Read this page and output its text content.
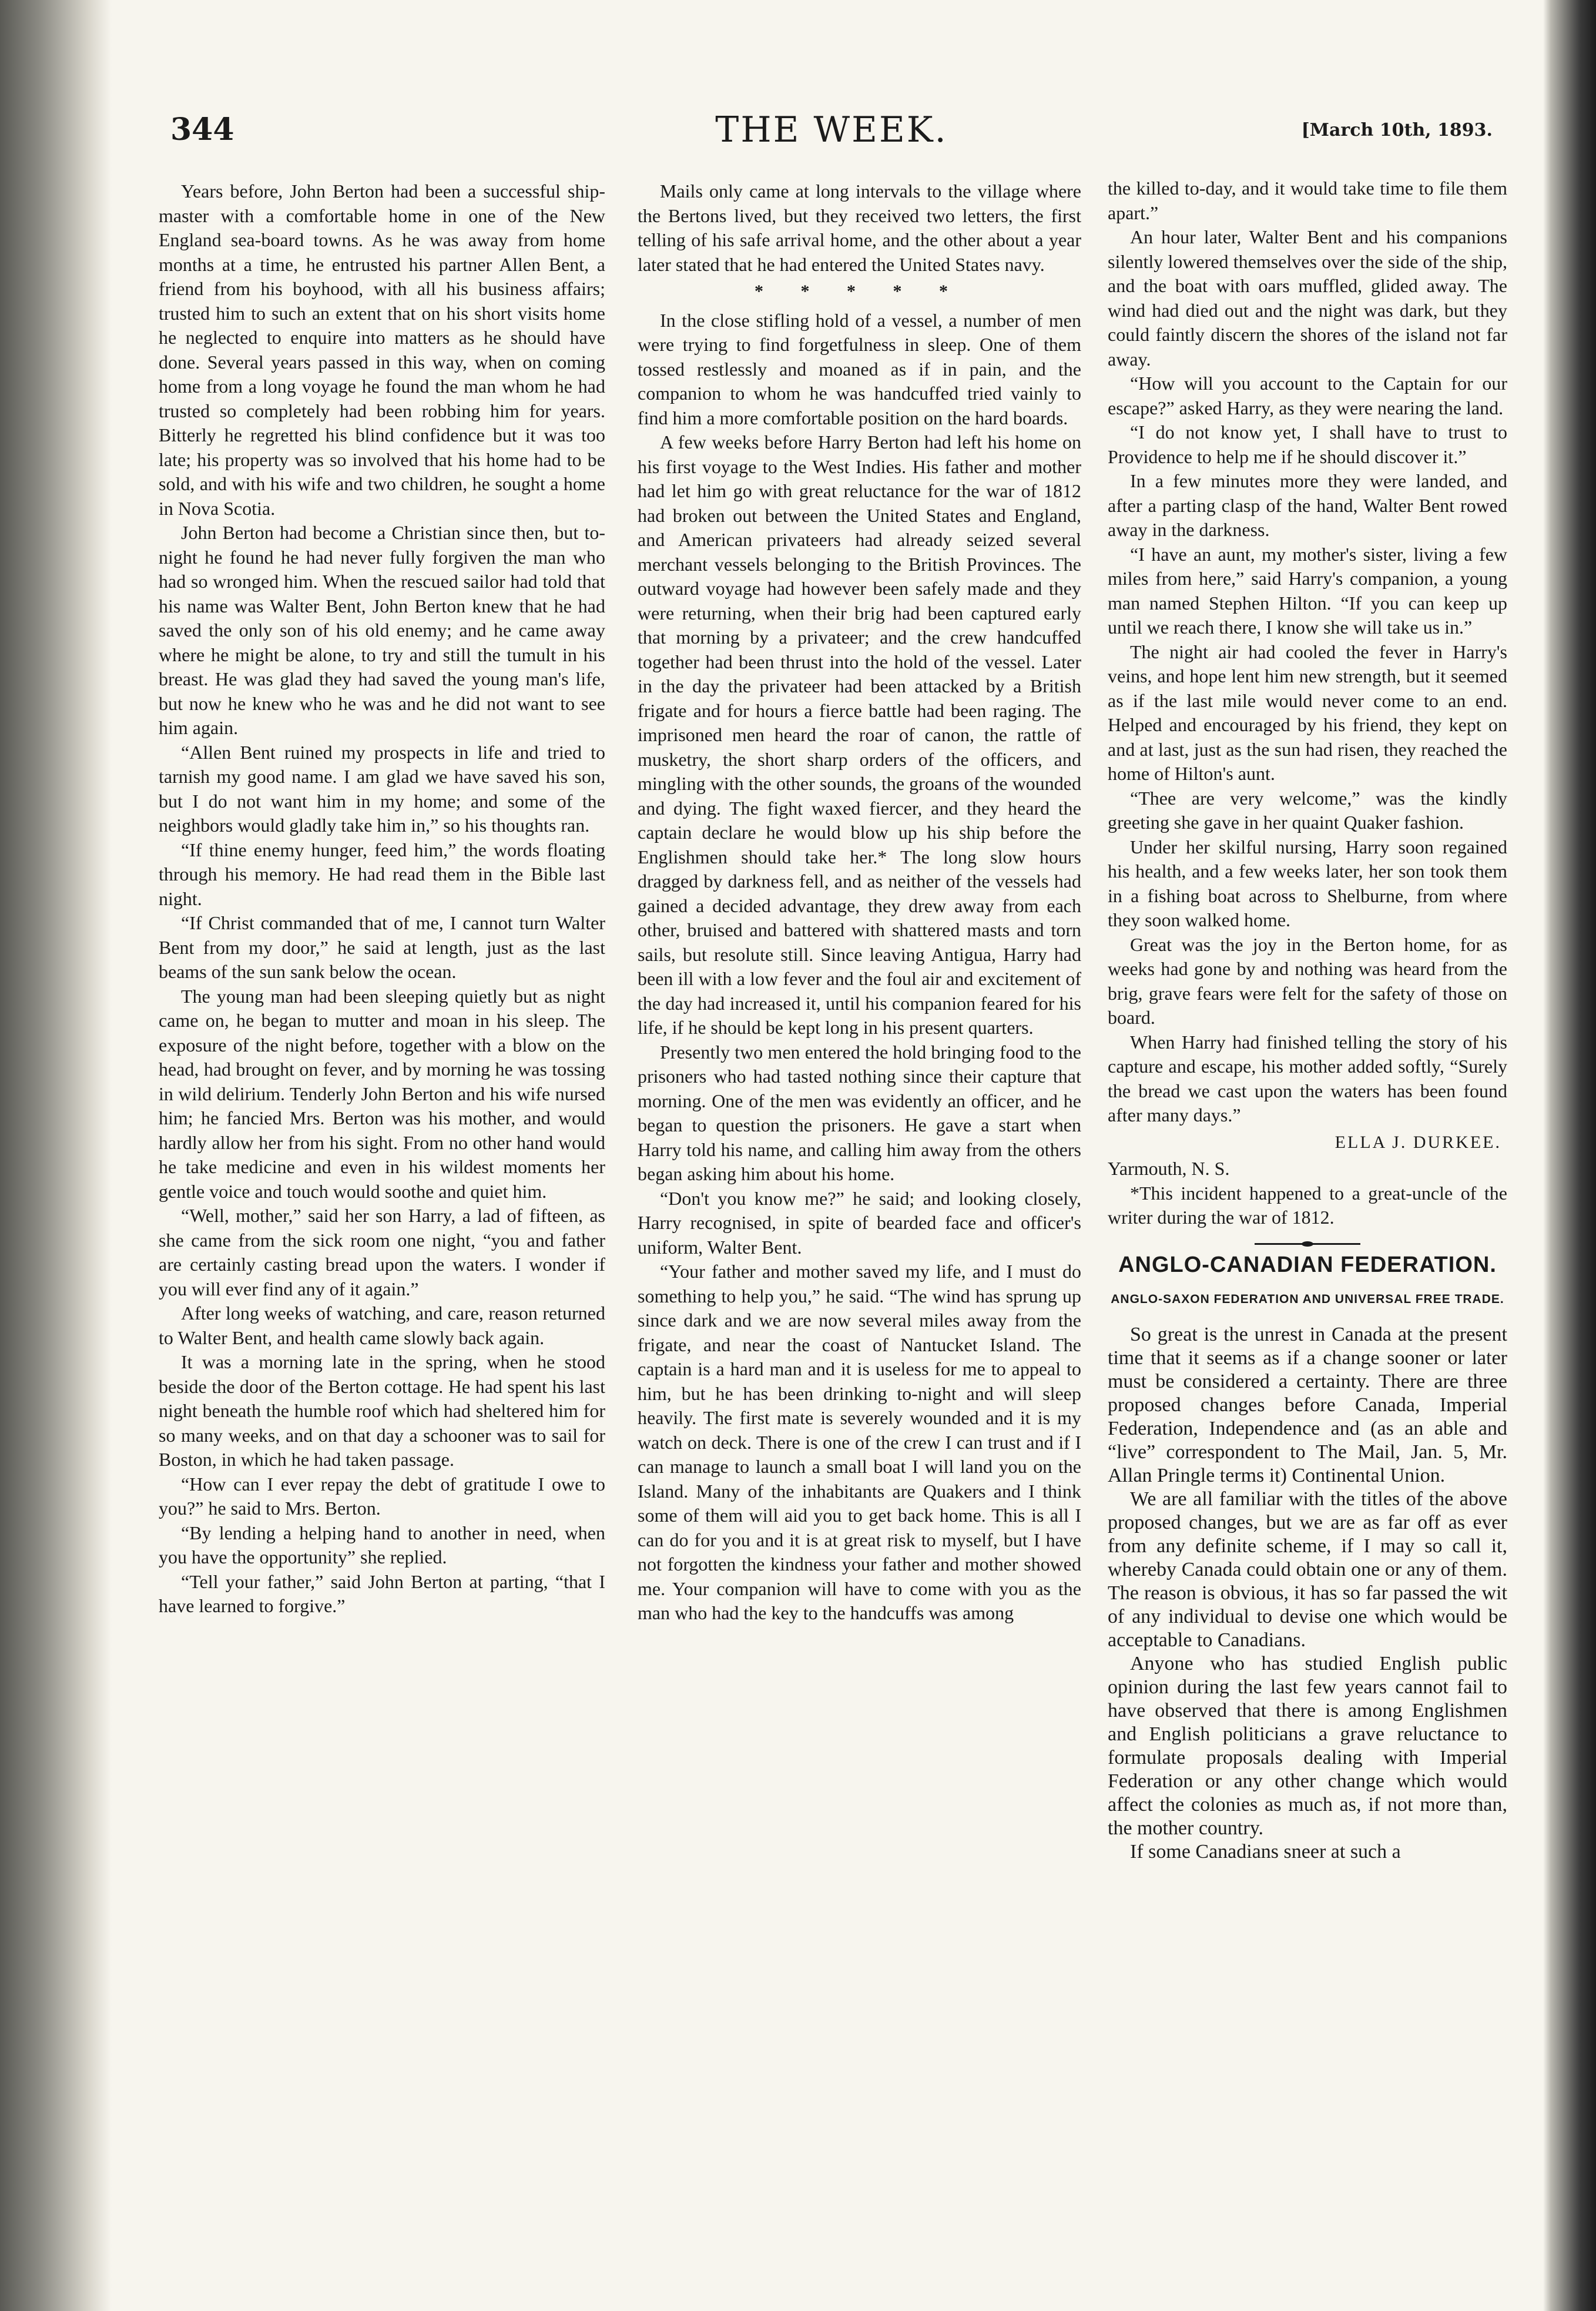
344	THE WEEK.	[March 10th, 1893.

Years before, John Berton had been a successful ship-master with a comfortable home in one of the New England sea-board towns. As he was away from home months at a time, he entrusted his partner Allen Bent, a friend from his boyhood, with all his business affairs; trusted him to such an extent that on his short visits home he neglected to enquire into matters as he should have done. Several years passed in this way, when on coming home from a long voyage he found the man whom he had trusted so completely had been robbing him for years. Bitterly he regretted his blind confidence but it was too late; his property was so involved that his home had to be sold, and with his wife and two children, he sought a home in Nova Scotia.

John Berton had become a Christian since then, but to-night he found he had never fully forgiven the man who had so wronged him. When the rescued sailor had told that his name was Walter Bent, John Berton knew that he had saved the only son of his old enemy; and he came away where he might be alone, to try and still the tumult in his breast. He was glad they had saved the young man's life, but now he knew who he was and he did not want to see him again.

“Allen Bent ruined my prospects in life and tried to tarnish my good name. I am glad we have saved his son, but I do not want him in my home; and some of the neighbors would gladly take him in,” so his thoughts ran.

“If thine enemy hunger, feed him,” the words floating through his memory. He had read them in the Bible last night.

“If Christ commanded that of me, I cannot turn Walter Bent from my door,” he said at length, just as the last beams of the sun sank below the ocean.

The young man had been sleeping quietly but as night came on, he began to mutter and moan in his sleep. The exposure of the night before, together with a blow on the head, had brought on fever, and by morning he was tossing in wild delirium. Tenderly John Berton and his wife nursed him; he fancied Mrs. Berton was his mother, and would hardly allow her from his sight. From no other hand would he take medicine and even in his wildest moments her gentle voice and touch would soothe and quiet him.

“Well, mother,” said her son Harry, a lad of fifteen, as she came from the sick room one night, “you and father are certainly casting bread upon the waters. I wonder if you will ever find any of it again.”

After long weeks of watching, and care, reason returned to Walter Bent, and health came slowly back again.

It was a morning late in the spring, when he stood beside the door of the Berton cottage. He had spent his last night beneath the humble roof which had sheltered him for so many weeks, and on that day a schooner was to sail for Boston, in which he had taken passage.

“How can I ever repay the debt of gratitude I owe to you?” he said to Mrs. Berton.

“By lending a helping hand to another in need, when you have the opportunity” she replied.

“Tell your father,” said John Berton at parting, “that I have learned to forgive.”

Mails only came at long intervals to the village where the Bertons lived, but they received two letters, the first telling of his safe arrival home, and the other about a year later stated that he had entered the United States navy.

* * * * *

In the close stifling hold of a vessel, a number of men were trying to find forgetfulness in sleep. One of them tossed restlessly and moaned as if in pain, and the companion to whom he was handcuffed tried vainly to find him a more comfortable position on the hard boards.

A few weeks before Harry Berton had left his home on his first voyage to the West Indies. His father and mother had let him go with great reluctance for the war of 1812 had broken out between the United States and England, and American privateers had already seized several merchant vessels belonging to the British Provinces. The outward voyage had however been safely made and they were returning, when their brig had been captured early that morning by a privateer; and the crew handcuffed together had been thrust into the hold of the vessel. Later in the day the privateer had been attacked by a British frigate and for hours a fierce battle had been raging. The imprisoned men heard the roar of canon, the rattle of musketry, the short sharp orders of the officers, and mingling with the other sounds, the groans of the wounded and dying. The fight waxed fiercer, and they heard the captain declare he would blow up his ship before the Englishmen should take her.* The long slow hours dragged by darkness fell, and as neither of the vessels had gained a decided advantage, they drew away from each other, bruised and battered with shattered masts and torn sails, but resolute still. Since leaving Antigua, Harry had been ill with a low fever and the foul air and excitement of the day had increased it, until his companion feared for his life, if he should be kept long in his present quarters.

Presently two men entered the hold bringing food to the prisoners who had tasted nothing since their capture that morning. One of the men was evidently an officer, and he began to question the prisoners. He gave a start when Harry told his name, and calling him away from the others began asking him about his home.

“Don't you know me?” he said; and looking closely, Harry recognised, in spite of bearded face and officer's uniform, Walter Bent.

“Your father and mother saved my life, and I must do something to help you,” he said. “The wind has sprung up since dark and we are now several miles away from the frigate, and near the coast of Nantucket Island. The captain is a hard man and it is useless for me to appeal to him, but he has been drinking to-night and will sleep heavily. The first mate is severely wounded and it is my watch on deck. There is one of the crew I can trust and if I can manage to launch a small boat I will land you on the Island. Many of the inhabitants are Quakers and I think some of them will aid you to get back home. This is all I can do for you and it is at great risk to myself, but I have not forgotten the kindness your father and mother showed me. Your companion will have to come with you as the man who had the key to the handcuffs was among

the killed to-day, and it would take time to file them apart.”

An hour later, Walter Bent and his companions silently lowered themselves over the side of the ship, and the boat with oars muffled, glided away. The wind had died out and the night was dark, but they could faintly discern the shores of the island not far away.

“How will you account to the Captain for our escape?” asked Harry, as they were nearing the land.

“I do not know yet, I shall have to trust to Providence to help me if he should discover it.”

In a few minutes more they were landed, and after a parting clasp of the hand, Walter Bent rowed away in the darkness.

“I have an aunt, my mother's sister, living a few miles from here,” said Harry's companion, a young man named Stephen Hilton. “If you can keep up until we reach there, I know she will take us in.”

The night air had cooled the fever in Harry's veins, and hope lent him new strength, but it seemed as if the last mile would never come to an end. Helped and encouraged by his friend, they kept on and at last, just as the sun had risen, they reached the home of Hilton's aunt.

“Thee are very welcome,” was the kindly greeting she gave in her quaint Quaker fashion.

Under her skilful nursing, Harry soon regained his health, and a few weeks later, her son took them in a fishing boat across to Shelburne, from where they soon walked home.

Great was the joy in the Berton home, for as weeks had gone by and nothing was heard from the brig, grave fears were felt for the safety of those on board.

When Harry had finished telling the story of his capture and escape, his mother added softly, “Surely the bread we cast upon the waters has been found after many days.”

ELLA J. DURKEE.

Yarmouth, N. S.

*This incident happened to a great-uncle of the writer during the war of 1812.

ANGLO-CANADIAN FEDERATION.
ANGLO-SAXON FEDERATION AND UNIVERSAL FREE TRADE.

So great is the unrest in Canada at the present time that it seems as if a change sooner or later must be considered a certainty. There are three proposed changes before Canada, Imperial Federation, Independence and (as an able and “live” correspondent to The Mail, Jan. 5, Mr. Allan Pringle terms it) Continental Union.

We are all familiar with the titles of the above proposed changes, but we are as far off as ever from any definite scheme, if I may so call it, whereby Canada could obtain one or any of them. The reason is obvious, it has so far passed the wit of any individual to devise one which would be acceptable to Canadians.

Anyone who has studied English public opinion during the last few years cannot fail to have observed that there is among Englishmen and English politicians a grave reluctance to formulate proposals dealing with Imperial Federation or any other change which would affect the colonies as much as, if not more than, the mother country.

If some Canadians sneer at such a
